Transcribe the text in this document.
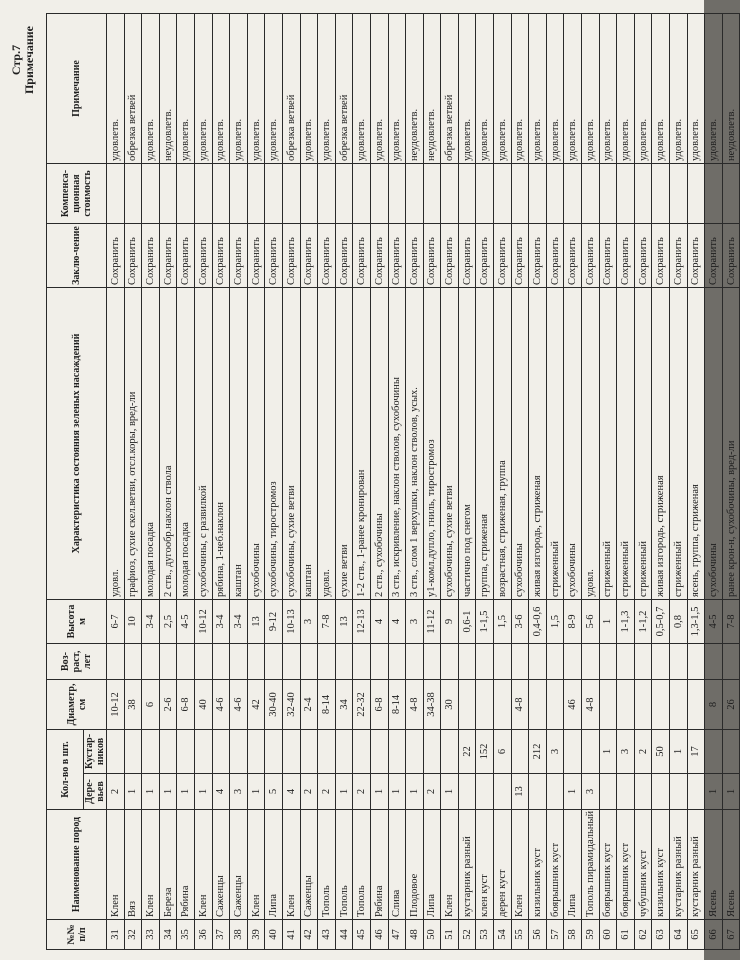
Стр.7 Примечание
№№ п/п	Наименование пород	Кол-во в шт.		Диаметр, см	Воз-раст, лет	Высота м	Характеристика состояния зеленых насаждений	Заклю-чение	Компенса-ционная стоимость	Примечание
		Дере-вьев	Кустар-ников							
31	Клен	2		10-12		6-7	удовл.	Сохранить		удовлетв.
32	Вяз	1		38		10	графиоз, сухие скел.ветви, отсл.коры, вред-ли	Сохранить		обрезка ветвей
33	Клен	1		6		3-4	молодая посадка	Сохранить		удовлетв.
34	Береза	1		2-6		2,5	2 ств., дугообр.наклон ствола	Сохранить		неудовлетв.
35	Рябина	1		6-8		4-5	молодая посадка	Сохранить		удовлетв.
36	Клен	1		40		10-12	сухобочины, с развилкой	Сохранить		удовлетв.
37	Саженцы	4		4-6		3-4	рябина, 1-неб.наклон	Сохранить		удовлетв.
38	Саженцы	3		4-6		3-4	каштан	Сохранить		удовлетв.
39	Клен	1		42		13	сухобочины	Сохранить		удовлетв.
40	Липа	5		30-40		9-12	сухобочины, тиростромоз	Сохранить		удовлетв.
41	Клен	4		32-40		10-13	сухобочины, сухие ветви	Сохранить		обрезка ветвей
42	Саженцы	2		2-4		3	каштан	Сохранить		удовлетв.
43	Тополь	2		8-14		7-8	удовл.	Сохранить		удовлетв.
44	Тополь	1		34		13	сухие ветви	Сохранить		обрезка ветвей
45	Тополь	2		22-32		12-13	1-2 ств., 1-ранее кронирован	Сохранить		удовлетв.
46	Рябина	1		6-8		4	2 ств., сухобочины	Сохранить		удовлетв.
47	Слива	1		8-14		4	3 ств., искривление, наклон стволов, сухобочины	Сохранить		удовлетв.
48	Плодовое	1		4-8		3	3 ств., слом 1 верхушки, наклон стволов, усых.	Сохранить		неудовлетв.
50	Липа	2		34-38		11-12	у1-комл.дупло, гниль, тиростромоз	Сохранить		неудовлетв.
51	Клен	1		30		9	сухобочины, сухие ветви	Сохранить		обрезка ветвей
52	кустарник разный		22			0,6-1	частично под снегом	Сохранить		удовлетв.
53	клен куст		152			1-1,5	группа, стриженая	Сохранить		удовлетв.
54	дерен куст		6			1,5	возрастная, стриженая, группа	Сохранить		удовлетв.
55	Клен	13		4-8		3-6	сухобочины	Сохранить		удовлетв.
56	кизильник куст		212			0,4-0,6	живая изгородь, стриженая	Сохранить		удовлетв.
57	боярышник куст		3			1,5	стриженный	Сохранить		удовлетв.
58	Липа	1		46		8-9	сухобочины	Сохранить		удовлетв.
59	Тополь пирамидальный	3		4-8		5-6	удовл.	Сохранить		удовлетв.
60	боярышник куст		1			1	стриженный	Сохранить		удовлетв.
61	боярышник куст		3			1-1,3	стриженный	Сохранить		удовлетв.
62	чубушник куст		2			1-1,2	стриженный	Сохранить		удовлетв.
63	кизильник куст		50			0,5-0,7	живая изгородь, стриженая	Сохранить		удовлетв.
64	кустарник разный		1			0,8	стриженный	Сохранить		удовлетв.
65	кустарник разный		17			1,3-1,5	ясень, группа, стриженая	Сохранить		удовлетв.
66	Ясень	1		8		4-5	сухобочины	Сохранить		удовлетв.
67	Ясень	1		26		7-8	ранее крон-н, сухобочины, вред-ли	Сохранить		неудовлетв.
